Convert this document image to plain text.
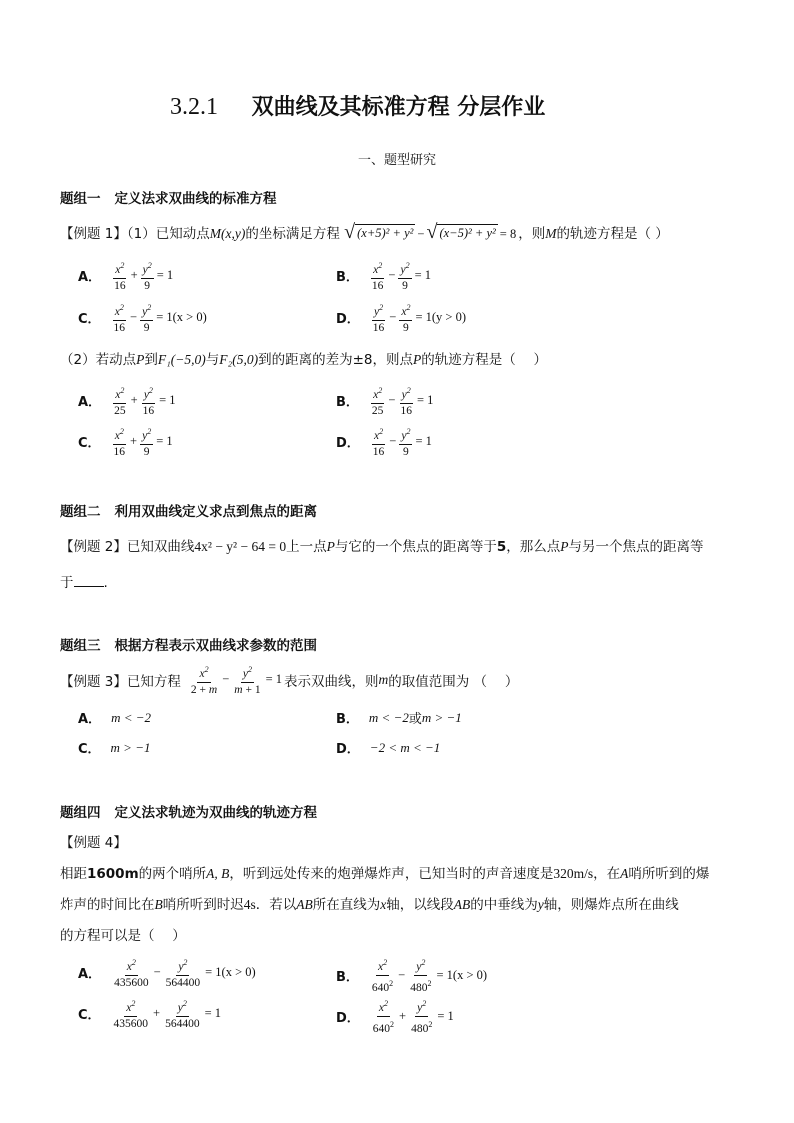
3.2.1 双曲线及其标准方程 分层作业
一、题型研究
题组一 定义法求双曲线的标准方程
【例题 1】（1）已知动点M(x,y)的坐标满足方程 √ (x+5)² + y² − √ (x−5)² + y² = 8 ，则M的轨迹方程是（ ）
A． $\frac{x^2}{16} + \frac{y^2}{9} = 1$	B． $\frac{x^2}{16} - \frac{y^2}{9} = 1$
C． $\frac{x^2}{16} - \frac{y^2}{9} = 1(x > 0)$	D． $\frac{y^2}{16} - \frac{x^2}{9} = 1(y > 0)$
（2）若动点P到F₁(−5,0)与F₂(5,0)到的距离的差为±8，则点P的轨迹方程是（　 ）
A． $\frac{x^2}{25} + \frac{y^2}{16} = 1$	B． $\frac{x^2}{25} - \frac{y^2}{16} = 1$
C． $\frac{x^2}{16} + \frac{y^2}{9} = 1$	D． $\frac{x^2}{16} - \frac{y^2}{9} = 1$
题组二 利用双曲线定义求点到焦点的距离
【例题 2】已知双曲线4x² − y² − 64 = 0上一点P与它的一个焦点的距离等于5，那么点P与另一个焦点的距离等
于 .
题组三 根据方程表示双曲线求参数的范围
【例题 3】 已知方程 $\frac{x^2}{2 + m} - \frac{y^2}{m + 1} = 1$ 表示双曲线，则 m 的取值范围为 （　 ）
A． m < −2	B． m < −2 或 m > −1
C． m > −1	D． −2 < m < −1
题组四 定义法求轨迹为双曲线的轨迹方程
【例题 4】
相距1600m的两个哨所A, B，听到远处传来的炮弹爆炸声，已知当时的声音速度是320m/s，在A哨所听到的爆
炸声的时间比在B哨所听到时迟4s．若以AB所在直线为x轴，以线段AB的中垂线为y轴，则爆炸点所在曲线
的方程可以是（　 ）
A． $\frac{x^2}{435600} - \frac{y^2}{564400} = 1(x > 0)$	B． $\frac{x^2}{640^2} - \frac{y^2}{480^2} = 1(x > 0)$
C． $\frac{x^2}{435600} + \frac{y^2}{564400} = 1$	D． $\frac{x^2}{640^2} + \frac{y^2}{480^2} = 1$
